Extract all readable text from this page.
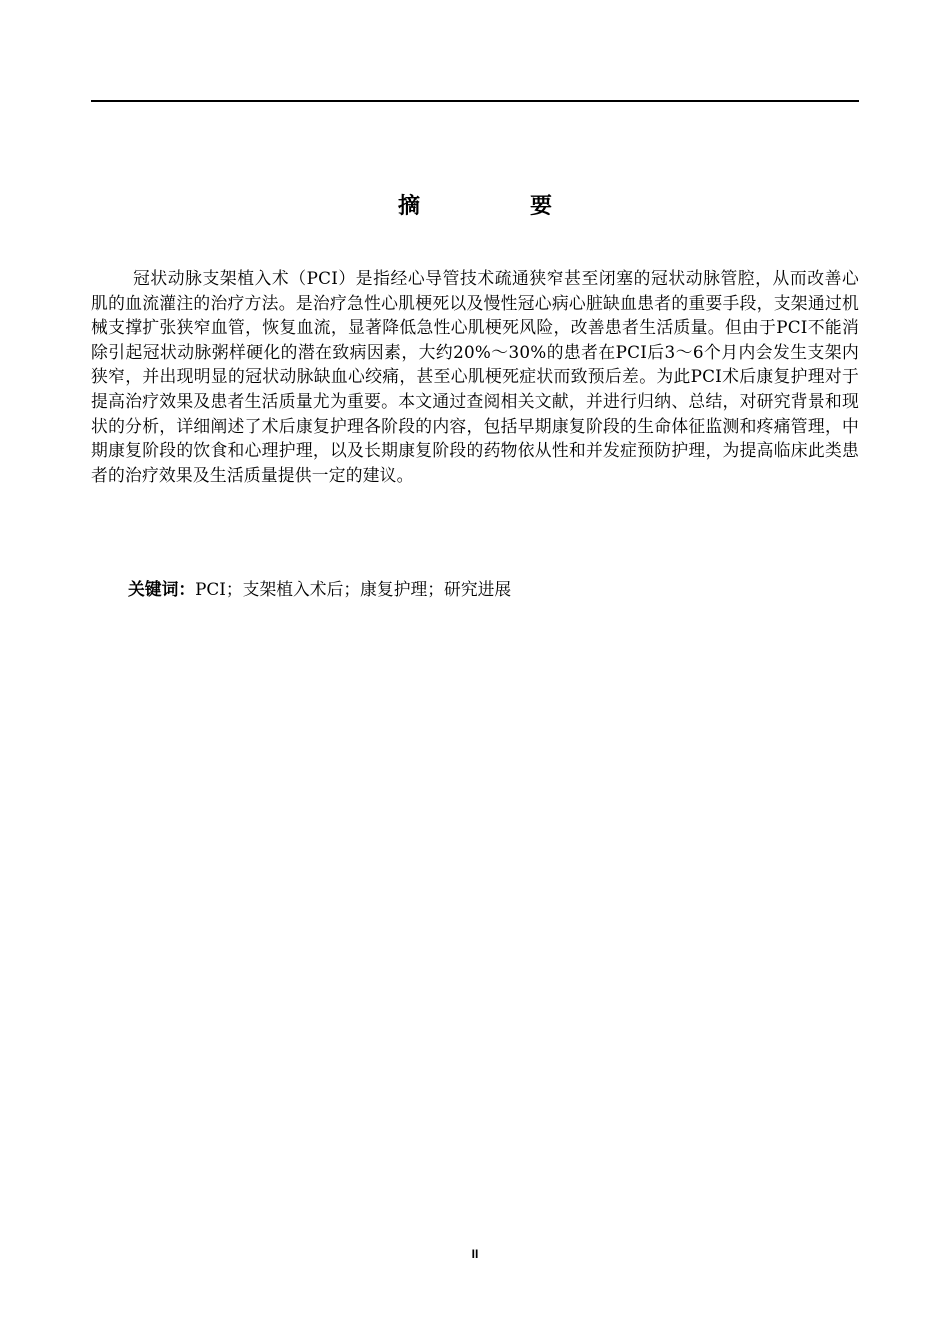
摘　要

冠状动脉支架植入术（PCI）是指经心导管技术疏通狭窄甚至闭塞的冠状动脉管腔，从而改善心肌的血流灌注的治疗方法。是治疗急性心肌梗死以及慢性冠心病心脏缺血患者的重要手段，支架通过机械支撑扩张狭窄血管，恢复血流，显著降低急性心肌梗死风险，改善患者生活质量。但由于PCI不能消除引起冠状动脉粥样硬化的潜在致病因素，大约20%～30%的患者在PCI后3～6个月内会发生支架内狭窄，并出现明显的冠状动脉缺血心绞痛，甚至心肌梗死症状而致预后差。为此PCI术后康复护理对于提高治疗效果及患者生活质量尤为重要。本文通过查阅相关文献，并进行归纳、总结，对研究背景和现状的分析，详细阐述了术后康复护理各阶段的内容，包括早期康复阶段的生命体征监测和疼痛管理，中期康复阶段的饮食和心理护理，以及长期康复阶段的药物依从性和并发症预防护理，为提高临床此类患者的治疗效果及生活质量提供一定的建议。

关键词：PCI；支架植入术后；康复护理；研究进展
II
